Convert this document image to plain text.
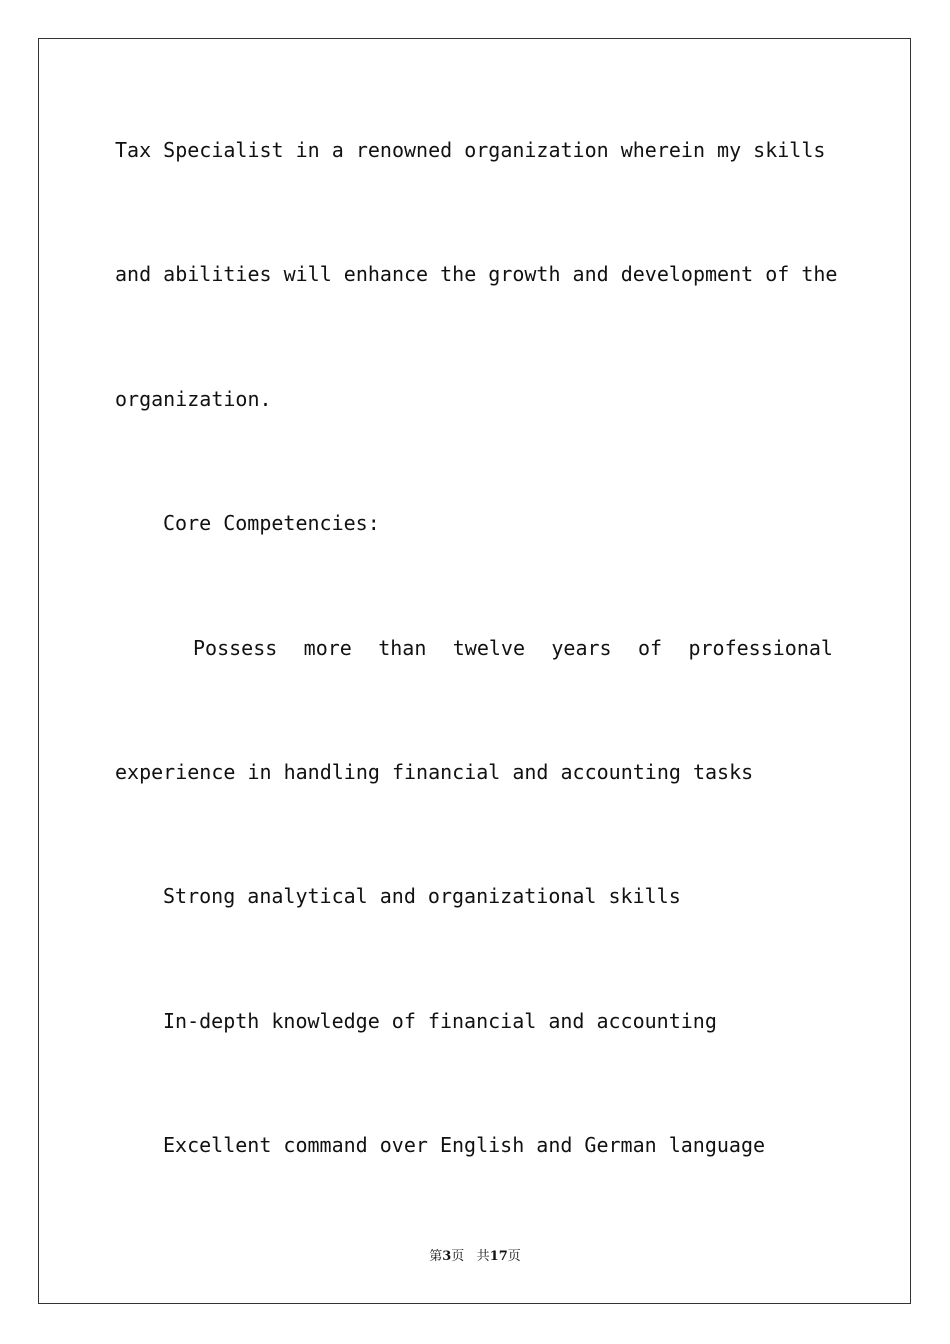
Tax Specialist in a renowned organization wherein my skills
and abilities will enhance the growth and development of the
organization.
Core Competencies:
Possess more than twelve years of professional
experience in handling financial and accounting tasks
Strong analytical and organizational skills
In-depth knowledge of financial and accounting
Excellent command over English and German language
第3页 共17页
